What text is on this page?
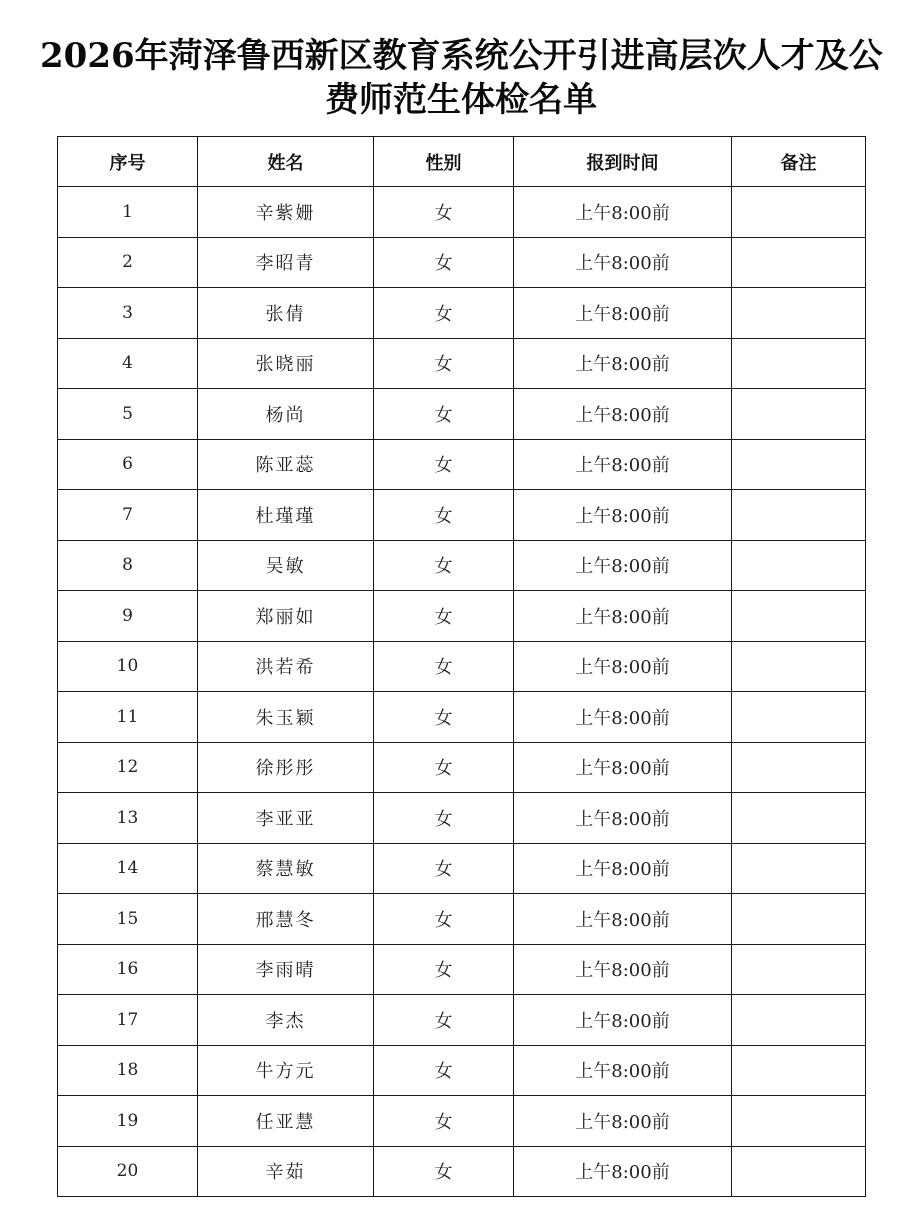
2026年菏泽鲁西新区教育系统公开引进高层次人才及公
费师范生体检名单
序号	姓名	性别	报到时间	备注
1	辛紫姗	女	上午8:00前	
2	李昭青	女	上午8:00前	
3	张倩	女	上午8:00前	
4	张晓丽	女	上午8:00前	
5	杨尚	女	上午8:00前	
6	陈亚蕊	女	上午8:00前	
7	杜瑾瑾	女	上午8:00前	
8	吴敏	女	上午8:00前	
9	郑丽如	女	上午8:00前	
10	洪若希	女	上午8:00前	
11	朱玉颖	女	上午8:00前	
12	徐彤彤	女	上午8:00前	
13	李亚亚	女	上午8:00前	
14	蔡慧敏	女	上午8:00前	
15	邢慧冬	女	上午8:00前	
16	李雨晴	女	上午8:00前	
17	李杰	女	上午8:00前	
18	牛方元	女	上午8:00前	
19	任亚慧	女	上午8:00前	
20	辛茹	女	上午8:00前	
